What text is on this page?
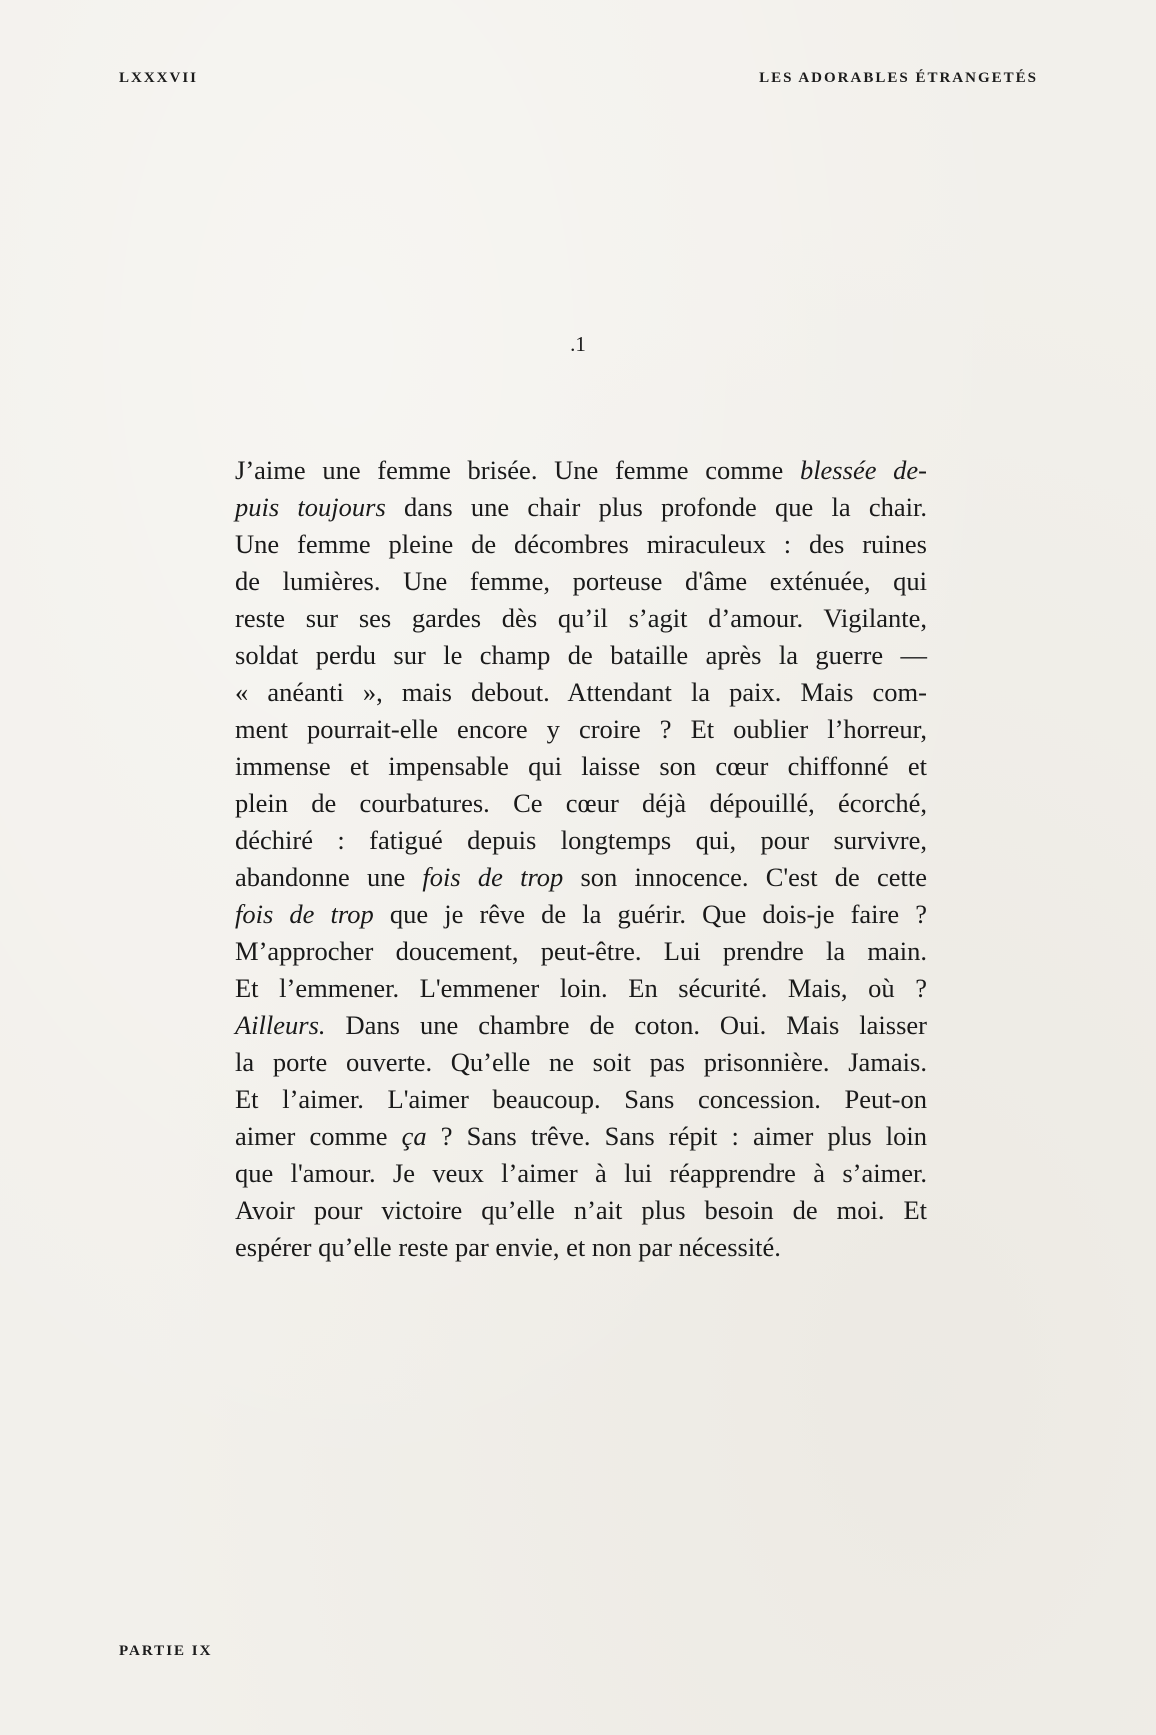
LXXXVII	LES ADORABLES ÉTRANGETÉS
.1
J’aime une femme brisée. Une femme comme blessée de-
puis toujours dans une chair plus profonde que la chair.
Une femme pleine de décombres miraculeux : des ruines
de lumières. Une femme, porteuse d'âme exténuée, qui
reste sur ses gardes dès qu’il s’agit d’amour. Vigilante,
soldat perdu sur le champ de bataille après la guerre —
« anéanti », mais debout. Attendant la paix. Mais com-
ment pourrait-elle encore y croire ? Et oublier l’horreur,
immense et impensable qui laisse son cœur chiffonné et
plein de courbatures. Ce cœur déjà dépouillé, écorché,
déchiré : fatigué depuis longtemps qui, pour survivre,
abandonne une fois de trop son innocence. C'est de cette
fois de trop que je rêve de la guérir. Que dois-je faire ?
M’approcher doucement, peut-être. Lui prendre la main.
Et l’emmener. L'emmener loin. En sécurité. Mais, où ?
Ailleurs. Dans une chambre de coton. Oui. Mais laisser
la porte ouverte. Qu’elle ne soit pas prisonnière. Jamais.
Et l’aimer. L'aimer beaucoup. Sans concession. Peut-on
aimer comme ça ? Sans trêve. Sans répit : aimer plus loin
que l'amour. Je veux l’aimer à lui réapprendre à s’aimer.
Avoir pour victoire qu’elle n’ait plus besoin de moi. Et
espérer qu’elle reste par envie, et non par nécessité.
PARTIE IX
